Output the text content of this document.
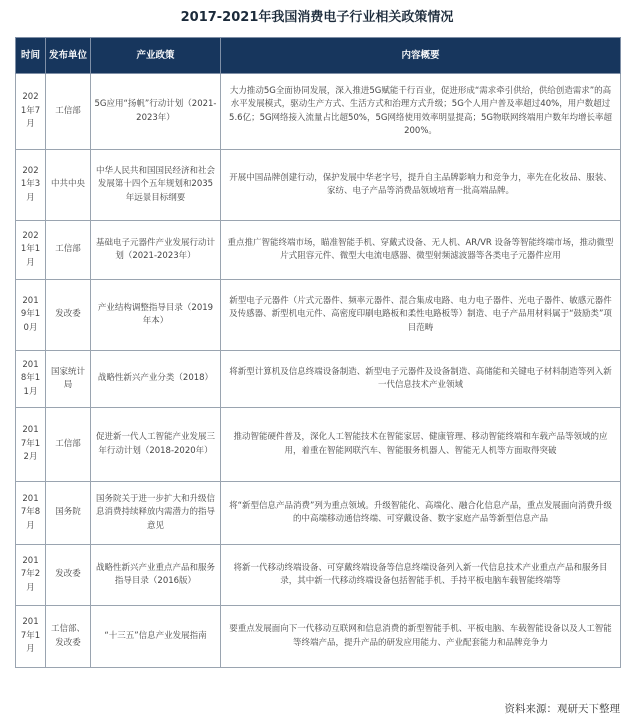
2017-2021年我国消费电子行业相关政策情况
时间	发布单位	产业政策	内容概要
2021年7月	工信部	5G应用“扬帆”行动计划（2021-2023年）	大力推动5G全面协同发展，深入推进5G赋能千行百业，促进形成“需求牵引供给，供给创造需求”的高水平发展模式，驱动生产方式、生活方式和治理方式升级；5G个人用户普及率超过40%，用户数超过5.6亿；5G网络接入流量占比超50%，5G网络使用效率明显提高；5G物联网终端用户数年均增长率超200%。
2021年3月	中共中央	中华人民共和国国民经济和社会发展第十四个五年规划和2035年远景目标纲要	开展中国品牌创建行动，保护发展中华老字号，提升自主品牌影响力和竞争力，率先在化妆品、服装、家纺、电子产品等消费品领域培育一批高端品牌。
2021年1月	工信部	基础电子元器件产业发展行动计划（2021-2023年）	重点推广智能终端市场，瞄准智能手机、穿戴式设备、无人机、AR/VR 设备等智能终端市场，推动微型片式阻容元件、微型大电流电感器、微型射频滤波器等各类电子元器件应用
2019年10月	发改委	产业结构调整指导目录（2019年本）	新型电子元器件（片式元器件、频率元器件、混合集成电路、电力电子器件、光电子器件、敏感元器件及传感器、新型机电元件、高密度印刷电路板和柔性电路板等）制造、电子产品用材料属于“鼓励类”项目范畴
2018年11月	国家统计局	战略性新兴产业分类（2018）	将新型计算机及信息终端设备制造、新型电子元器件及设备制造、高储能和关键电子材料制造等列入新一代信息技术产业领域
2017年12月	工信部	促进新一代人工智能产业发展三年行动计划（2018-2020年）	推动智能硬件普及，深化人工智能技术在智能家居、健康管理、移动智能终端和车载产品等领域的应用，着重在智能网联汽车、智能服务机器人、智能无人机等方面取得突破
2017年8月	国务院	国务院关于进一步扩大和升级信息消费持续释放内需潜力的指导意见	将“新型信息产品消费”列为重点领域。升级智能化、高端化、融合化信息产品，重点发展面向消费升级的中高端移动通信终端、可穿戴设备、数字家庭产品等新型信息产品
2017年2月	发改委	战略性新兴产业重点产品和服务指导目录（2016版）	将新一代移动终端设备、可穿戴终端设备等信息终端设备列入新一代信息技术产业重点产品和服务目录，其中新一代移动终端设备包括智能手机、手持平板电脑车载智能终端等
2017年1月	工信部、发改委	“十三五”信息产业发展指南	要重点发展面向下一代移动互联网和信息消费的新型智能手机、平板电脑、车载智能设备以及人工智能等终端产品，提升产品的研发应用能力、产业配套能力和品牌竞争力
资料来源：观研天下整理
